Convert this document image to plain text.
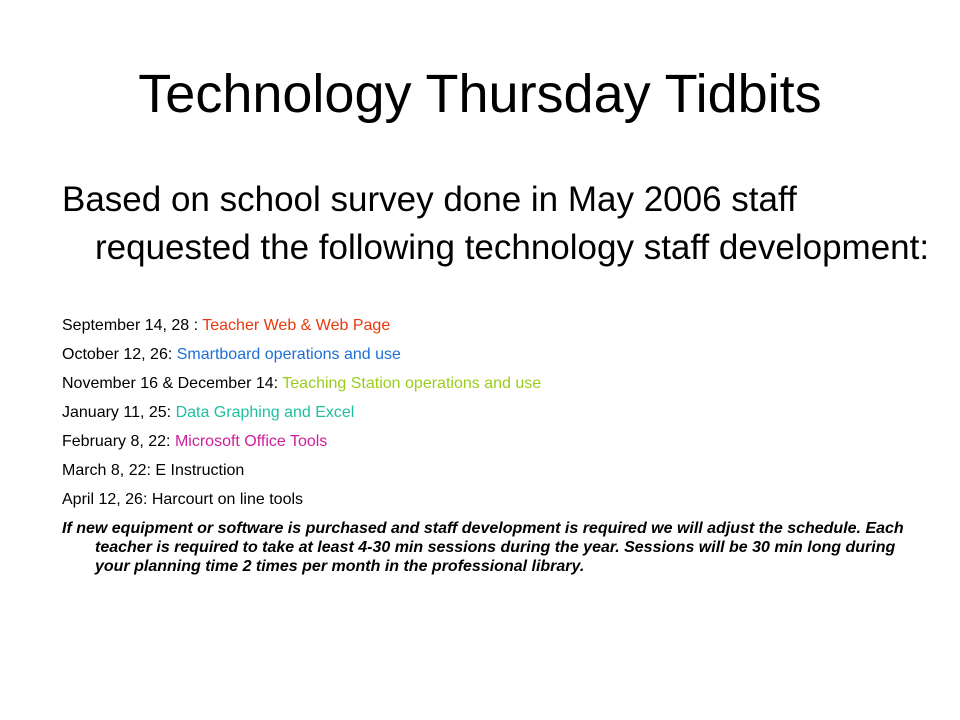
Technology Thursday Tidbits

Based on school survey done in May 2006 staff requested the following technology staff development:

September 14, 28 : Teacher Web & Web Page
October 12, 26: Smartboard operations and use
November 16 & December 14: Teaching Station operations and use
January 11, 25: Data Graphing and Excel
February 8, 22: Microsoft Office Tools
March 8, 22: E Instruction
April 12, 26: Harcourt on line tools

If new equipment or software is purchased and staff development is required we will adjust the schedule. Each teacher is required to take at least 4-30 min sessions during the year. Sessions will be 30 min long during your planning time 2 times per month in the professional library.
